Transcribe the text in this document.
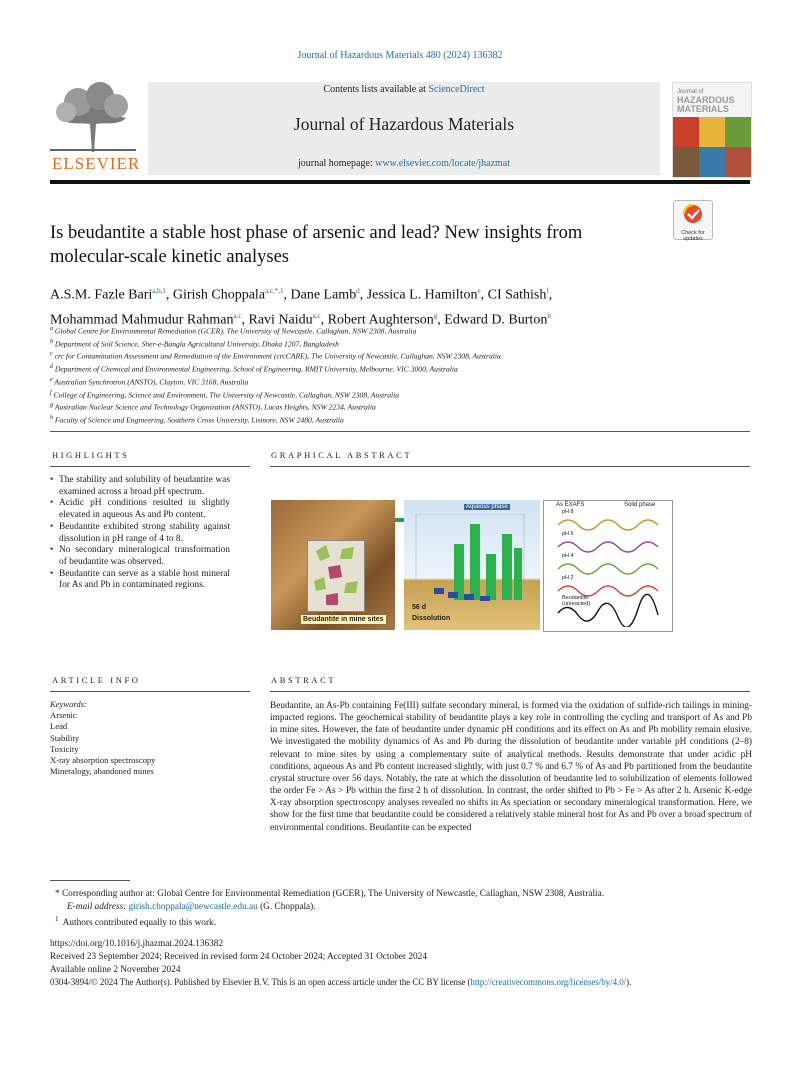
Journal of Hazardous Materials 480 (2024) 136382
ELSEVIER
Contents lists available at ScienceDirect
Journal of Hazardous Materials
journal homepage: www.elsevier.com/locate/jhazmat
Journal of
HAZARDOUS MATERIALS
Is beudantite a stable host phase of arsenic and lead? New insights from molecular-scale kinetic analyses
Check for updates
A.S.M. Fazle Bari$^{a,b,1}$, Girish Choppala$^{a,c,*,1}$, Dane Lamb$^d$, Jessica L. Hamilton$^e$, CI Sathish$^f$,
Mohammad Mahmudur Rahman$^{a,c}$, Ravi Naidu$^{a,c}$, Robert Aughterson$^g$, Edward D. Burton$^h$
$^a$ Global Centre for Environmental Remediation (GCER), The University of Newcastle, Callaghan, NSW 2308, Australia
$^b$ Department of Soil Science, Sher-e-Bangla Agricultural University, Dhaka 1207, Bangladesh
$^c$ crc for Contamination Assessment and Remediation of the Environment (crcCARE), The University of Newcastle, Callaghan, NSW 2308, Australia
$^d$ Department of Chemical and Environmental Engineering, School of Engineering, RMIT University, Melbourne, VIC 3000, Australia
$^e$ Australian Synchrotron (ANSTO), Clayton, VIC 3168, Australia
$^f$ College of Engineering, Science and Environment, The University of Newcastle, Callaghan, NSW 2308, Australia
$^g$ Australian Nuclear Science and Technology Organization (ANSTO), Lucas Heights, NSW 2234, Australia
$^h$ Faculty of Science and Engineering, Southern Cross University, Lismore, NSW 2480, Australia
HIGHLIGHTS
• The stability and solubility of beudantite was examined across a broad pH spectrum.
• Acidic pH conditions resulted in slightly elevated in aqueous As and Pb content.
• Beudantite exhibited strong stability against dissolution in pH range of 4 to 8.
• No secondary mineralogical transformation of beudantite was observed.
• Beudantite can serve as a stable host mineral for As and Pb in contaminated regions.
GRAPHICAL ABSTRACT
Beudantite in mine sites
Aqueous phase
56 d
Dissolution
As EXAFS	Solid phase
pH 8
pH 6
pH 4
pH 2
Beudantite (unreacted)
ARTICLE INFO
Keywords:
Arsenic
Lead
Stability
Toxicity
X-ray absorption spectroscopy
Mineralogy, abandoned mines
ABSTRACT
Beudantite, an As-Pb containing Fe(III) sulfate secondary mineral, is formed via the oxidation of sulfide-rich tailings in mining-impacted regions. The geochemical stability of beudantite plays a key role in controlling the cycling and transport of As and Pb in mine sites. However, the fate of beudantite under dynamic pH conditions and its effect on As and Pb mobility remain elusive. We investigated the mobility dynamics of As and Pb during the dissolution of beudantite under variable pH conditions (2–8) relevant to mine sites by using a complementary suite of analytical methods. Results demonstrate that under acidic pH conditions, aqueous As and Pb content increased slightly, with just 0.7 % and 6.7 % of As and Pb partitioned from the beudantite crystal structure over 56 days. Notably, the rate at which the dissolution of beudantite led to solubilization of elements followed the order Fe > As > Pb within the first 2 h of dissolution. In contrast, the order shifted to Pb > Fe > As after 2 h. Arsenic K-edge X-ray absorption spectroscopy analyses revealed no shifts in As speciation or secondary mineralogical transformation. Here, we show for the first time that beudantite could be considered a relatively stable mineral host for As and Pb over a broad spectrum of environmental conditions. Beudantite can be expected
* Corresponding author at: Global Centre for Environmental Remediation (GCER), The University of Newcastle, Callaghan, NSW 2308, Australia.
E-mail address: girish.choppala@newcastle.edu.au (G. Choppala).
$^1$ Authors contributed equally to this work.
https://doi.org/10.1016/j.jhazmat.2024.136382
Received 23 September 2024; Received in revised form 24 October 2024; Accepted 31 October 2024
Available online 2 November 2024
0304-3894/© 2024 The Author(s). Published by Elsevier B.V. This is an open access article under the CC BY license (http://creativecommons.org/licenses/by/4.0/).
